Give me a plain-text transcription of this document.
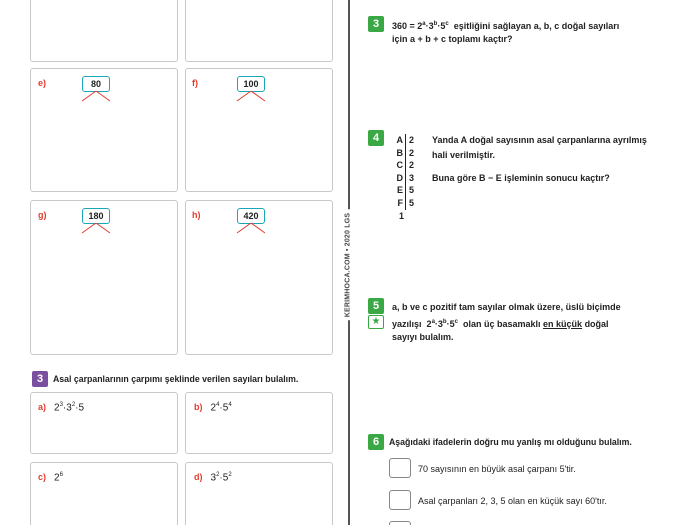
e)	f)
g)	h)
80	100
180	420
3	Asal çarpanlarının çarpımı şeklinde verilen sayıları bulalım.
a) $2^3\cdot 3^2\cdot 5$	b) $2^4\cdot 5^4$
c) $2^6$	d) $3^2\cdot 5^2$
KERIMHOCA.COM • 2020 LGS
3	$360 = 2^a\cdot 3^b\cdot 5^c$ eşitliğini sağlayan a, b, c doğal sayıları
için a + b + c toplamı kaçtır?
4	A 2
B 2
C 2
D 3
E 5
F 5
1
Yanda A doğal sayısının asal çarpanlarına ayrılmış
hali verilmiştir.
Buna göre B − E işleminin sonucu kaçtır?
5
★
a, b ve c pozitif tam sayılar olmak üzere, üslü biçimde
yazılışı $2^a\cdot 3^b\cdot 5^c$ olan üç basamaklı en küçük doğal
sayıyı bulalım.
6	Aşağıdaki ifadelerin doğru mu yanlış mı olduğunu bulalım.
70 sayısının en büyük asal çarpanı 5'tir.
Asal çarpanları 2, 3, 5 olan en küçük sayı 60'tır.
